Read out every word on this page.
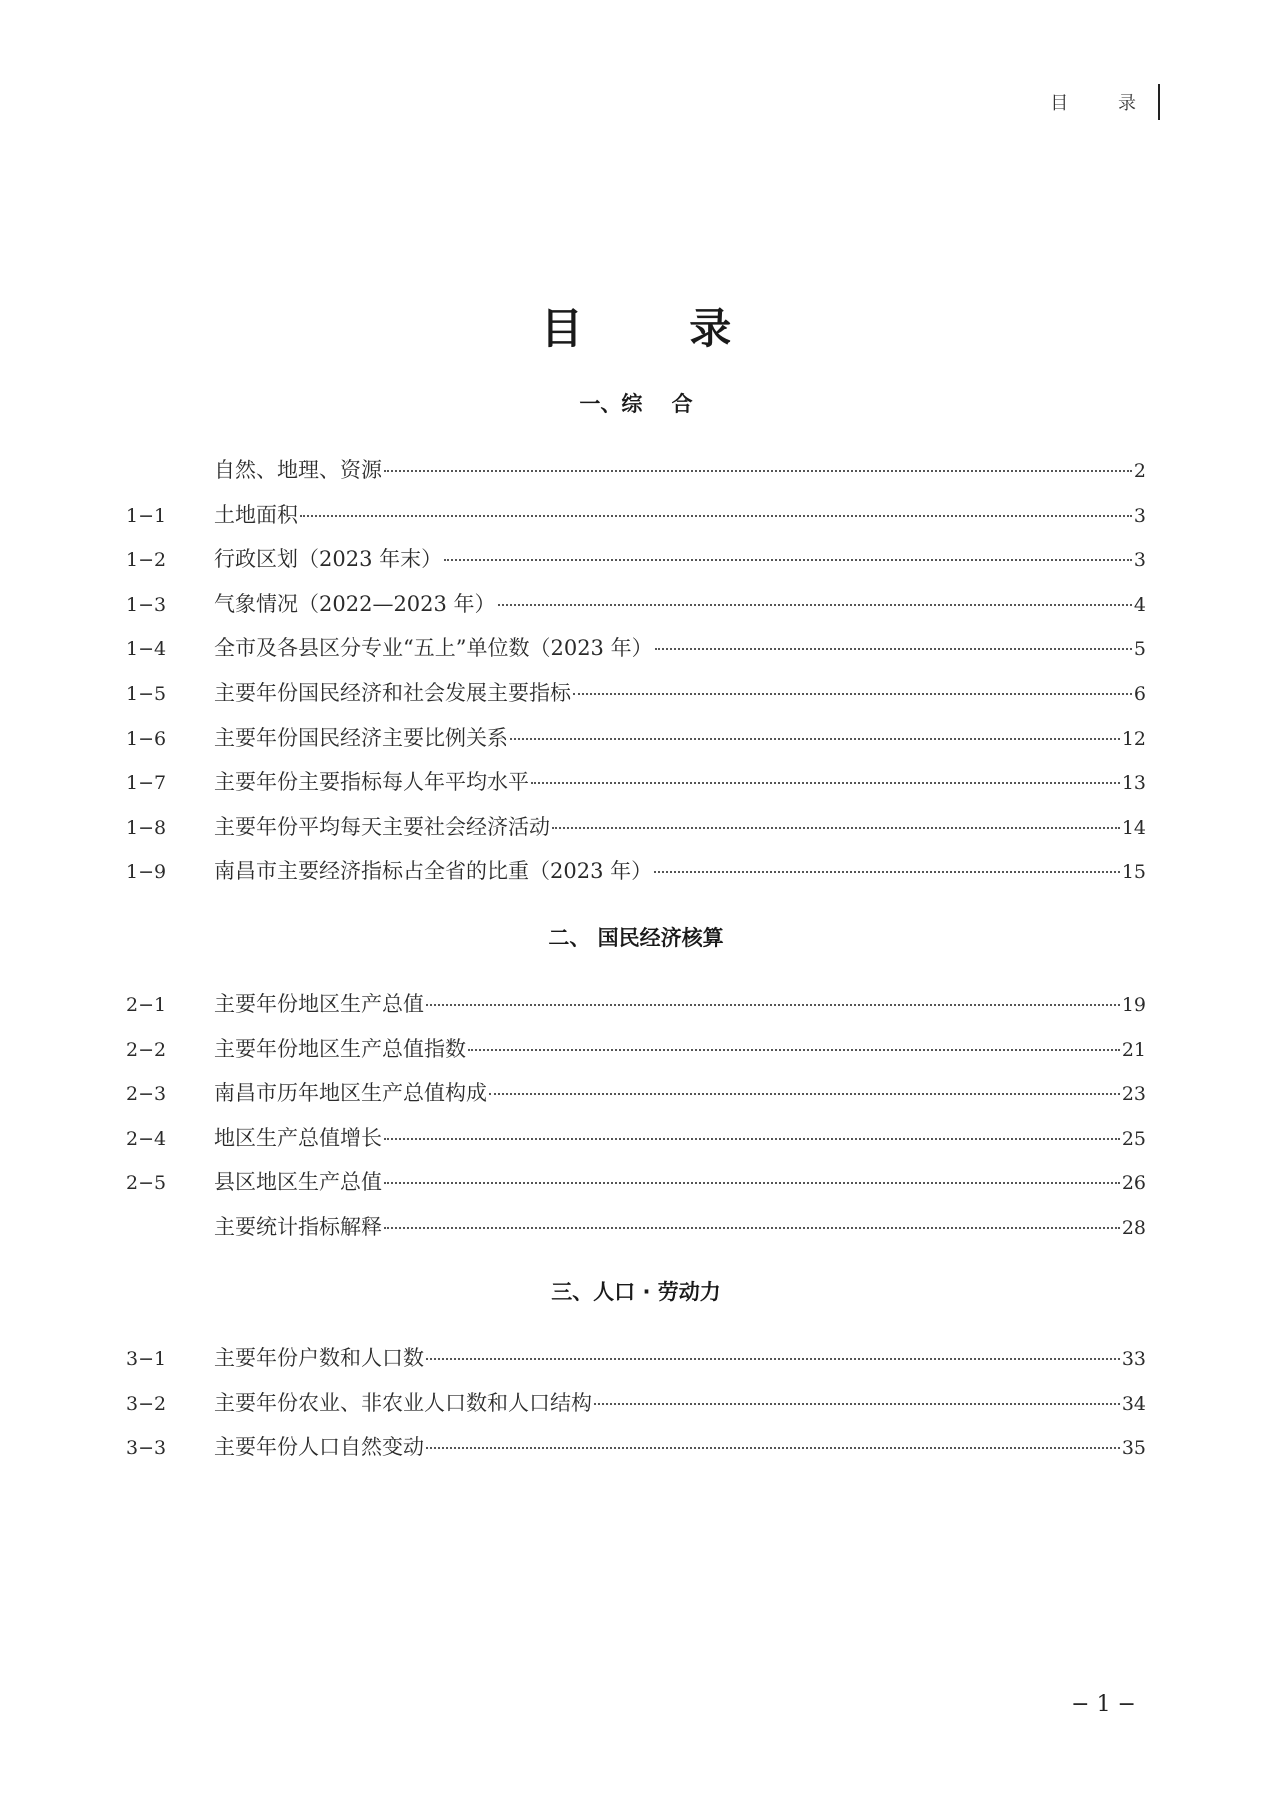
目 录
目 录
一、综    合
自然、地理、资源	2
1−1	土地面积	3
1−2	行政区划（2023 年末）	3
1−3	气象情况（2022—2023 年）	4
1−4	全市及各县区分专业“五上”单位数（2023 年）	5
1−5	主要年份国民经济和社会发展主要指标	6
1−6	主要年份国民经济主要比例关系	12
1−7	主要年份主要指标每人年平均水平	13
1−8	主要年份平均每天主要社会经济活动	14
1−9	南昌市主要经济指标占全省的比重（2023 年）	15
二、 国民经济核算
2−1	主要年份地区生产总值	19
2−2	主要年份地区生产总值指数	21
2−3	南昌市历年地区生产总值构成	23
2−4	地区生产总值增长	25
2−5	县区地区生产总值	26
主要统计指标解释	28
三、人口 · 劳动力
3−1	主要年份户数和人口数	33
3−2	主要年份农业、非农业人口数和人口结构	34
3−3	主要年份人口自然变动	35
− 1 −
